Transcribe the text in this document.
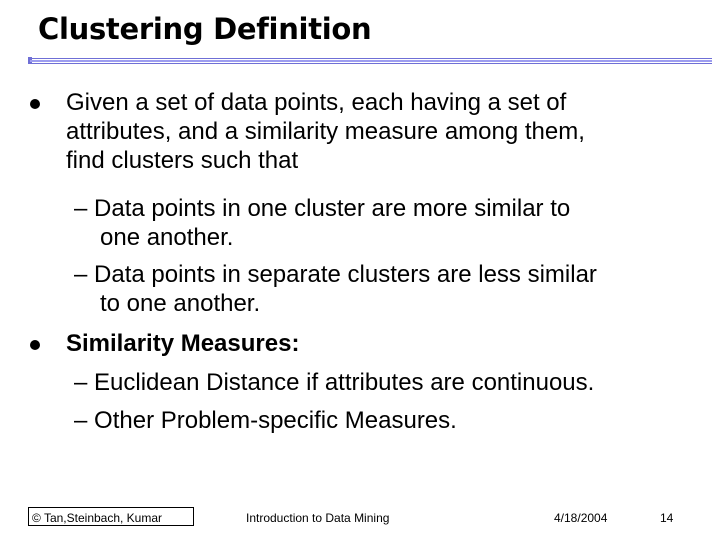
Clustering Definition
Given a set of data points, each having a set of
attributes, and a similarity measure among them,
find clusters such that
– Data points in one cluster are more similar to
one another.
– Data points in separate clusters are less similar
to one another.
Similarity Measures:
– Euclidean Distance if attributes are continuous.
– Other Problem-specific Measures.
© Tan,Steinbach, Kumar	Introduction to Data Mining	4/18/2004	14
